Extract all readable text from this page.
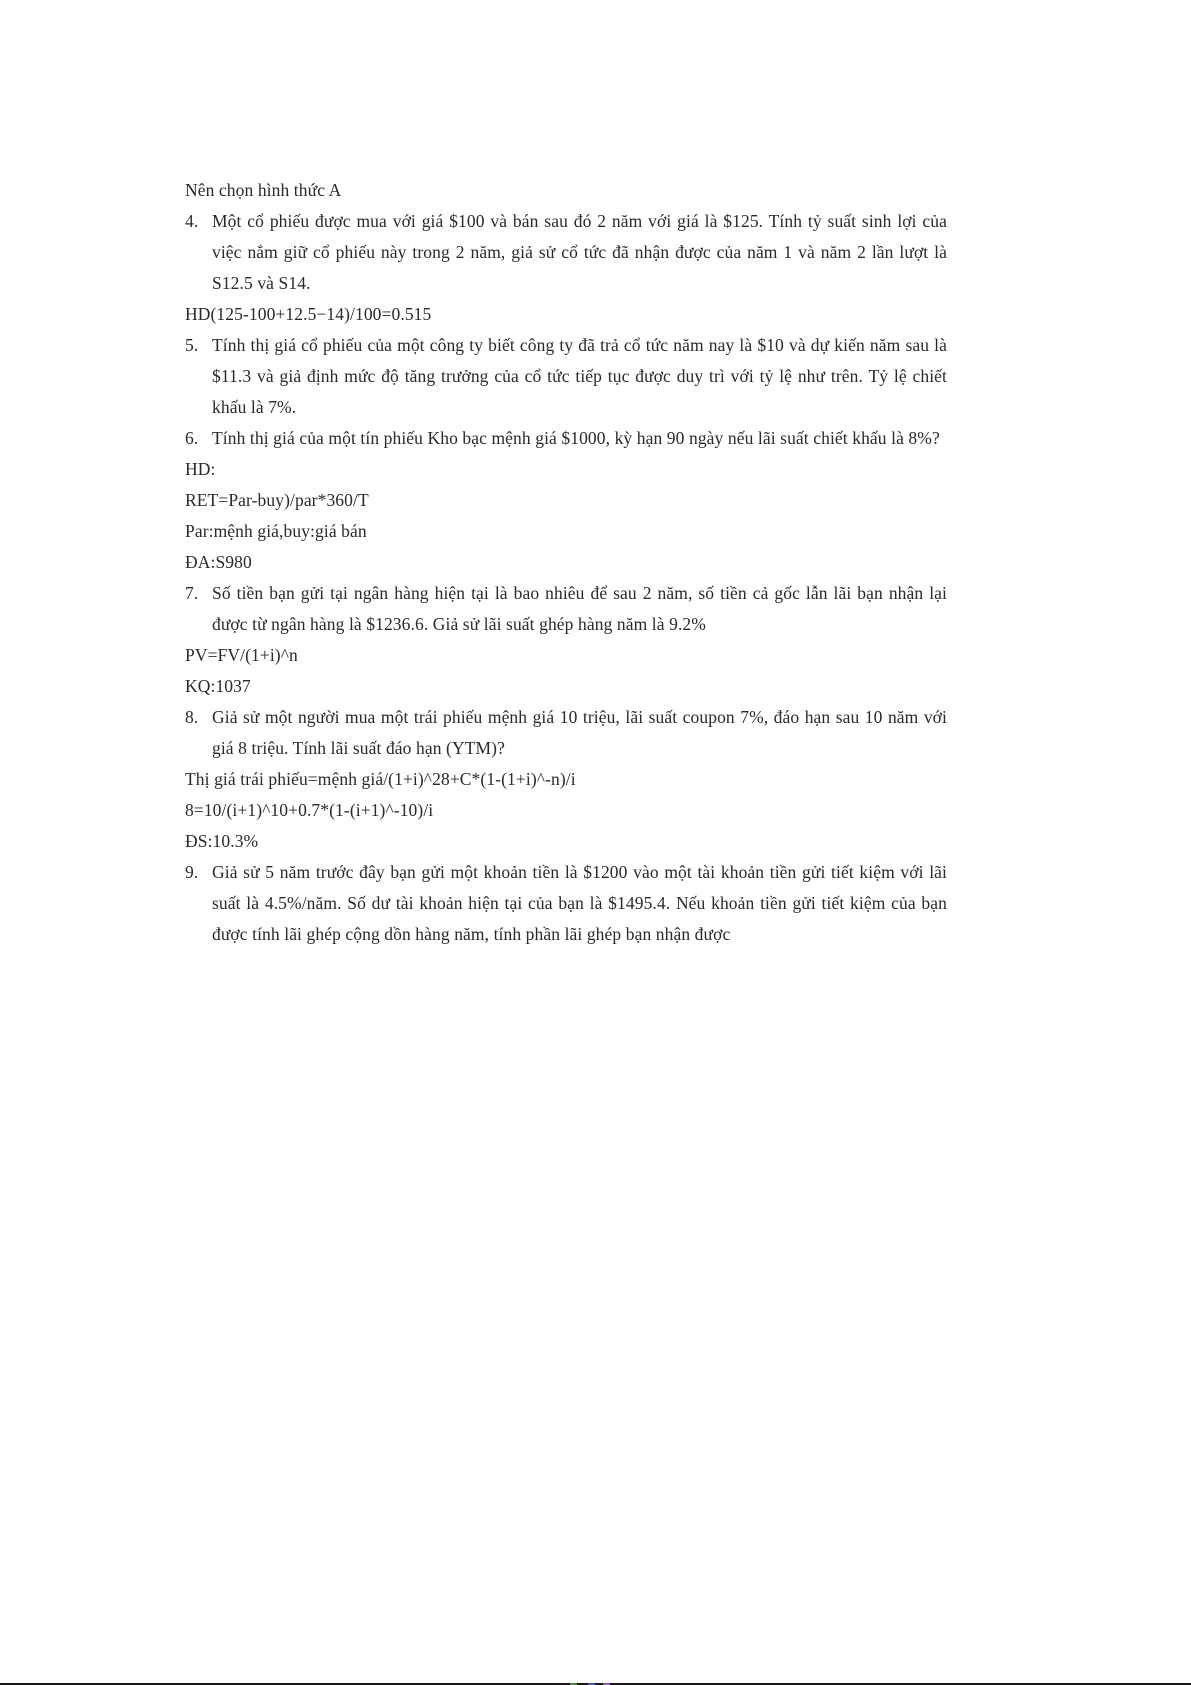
Nên chọn hình thức A

4. Một cổ phiếu được mua với giá $100 và bán sau đó 2 năm với giá là $125. Tính tỷ suất sinh lợi của việc nắm giữ cổ phiếu này trong 2 năm, giả sử cổ tức đã nhận được của năm 1 và năm 2 lần lượt là S12.5 và S14.

HD(125-100+12.5−14)/100=0.515

5. Tính thị giá cổ phiếu của một công ty biết công ty đã trả cổ tức năm nay là $10 và dự kiến năm sau là $11.3 và giả định mức độ tăng trưởng của cổ tức tiếp tục được duy trì với tỷ lệ như trên. Tỷ lệ chiết khấu là 7%.
6. Tính thị giá của một tín phiếu Kho bạc mệnh giá $1000, kỳ hạn 90 ngày nếu lãi suất chiết khấu là 8%?

HD:

RET=Par-buy)/par*360/T

Par:mệnh giá,buy:giá bán

ĐA:S980

7. Số tiền bạn gửi tại ngân hàng hiện tại là bao nhiêu để sau 2 năm, số tiền cả gốc lẫn lãi bạn nhận lại được từ ngân hàng là $1236.6. Giả sử lãi suất ghép hàng năm là 9.2%

PV=FV/(1+i)^n

KQ:1037

8. Giả sử một người mua một trái phiếu mệnh giá 10 triệu, lãi suất coupon 7%, đáo hạn sau 10 năm với giá 8 triệu. Tính lãi suất đáo hạn (YTM)?

Thị giá trái phiếu=mệnh giá/(1+i)^28+C*(1-(1+i)^-n)/i

8=10/(i+1)^10+0.7*(1-(i+1)^-10)/i

ĐS:10.3%

9. Giả sử 5 năm trước đây bạn gửi một khoản tiền là $1200 vào một tài khoản tiền gửi tiết kiệm với lãi suất là 4.5%/năm. Số dư tài khoản hiện tại của bạn là $1495.4. Nếu khoản tiền gửi tiết kiệm của bạn được tính lãi ghép cộng dồn hàng năm, tính phần lãi ghép bạn nhận được
